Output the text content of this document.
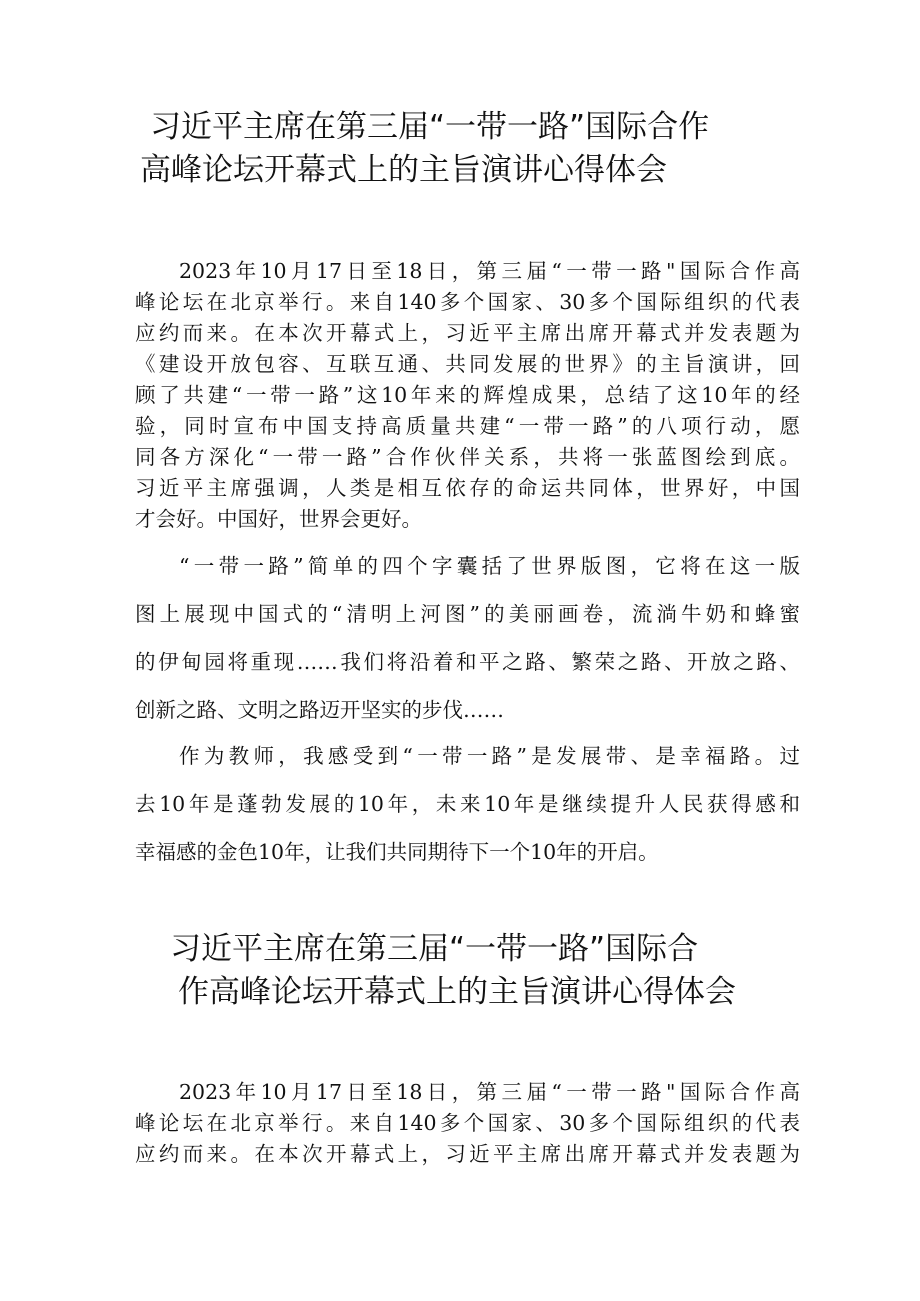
习近平主席在第三届“一带一路”国际合作
高峰论坛开幕式上的主旨演讲心得体会

2023年10月17日至18日，第三届“一带一路"国际合作高
峰论坛在北京举行。来自140多个国家、30多个国际组织的代表
应约而来。在本次开幕式上，习近平主席出席开幕式并发表题为
《建设开放包容、互联互通、共同发展的世界》的主旨演讲，回
顾了共建“一带一路”这10年来的辉煌成果，总结了这10年的经
验，同时宣布中国支持高质量共建“一带一路”的八项行动，愿
同各方深化“一带一路”合作伙伴关系，共将一张蓝图绘到底。
习近平主席强调，人类是相互依存的命运共同体，世界好，中国
才会好。中国好，世界会更好。

“一带一路”简单的四个字囊括了世界版图，它将在这一版
图上展现中国式的“清明上河图”的美丽画卷，流淌牛奶和蜂蜜
的伊甸园将重现……我们将沿着和平之路、繁荣之路、开放之路、
创新之路、文明之路迈开坚实的步伐……

作为教师，我感受到“一带一路”是发展带、是幸福路。过
去10年是蓬勃发展的10年，未来10年是继续提升人民获得感和
幸福感的金色10年，让我们共同期待下一个10年的开启。

习近平主席在第三届“一带一路”国际合
作高峰论坛开幕式上的主旨演讲心得体会

2023年10月17日至18日，第三届“一带一路"国际合作高
峰论坛在北京举行。来自140多个国家、30多个国际组织的代表
应约而来。在本次开幕式上，习近平主席出席开幕式并发表题为
